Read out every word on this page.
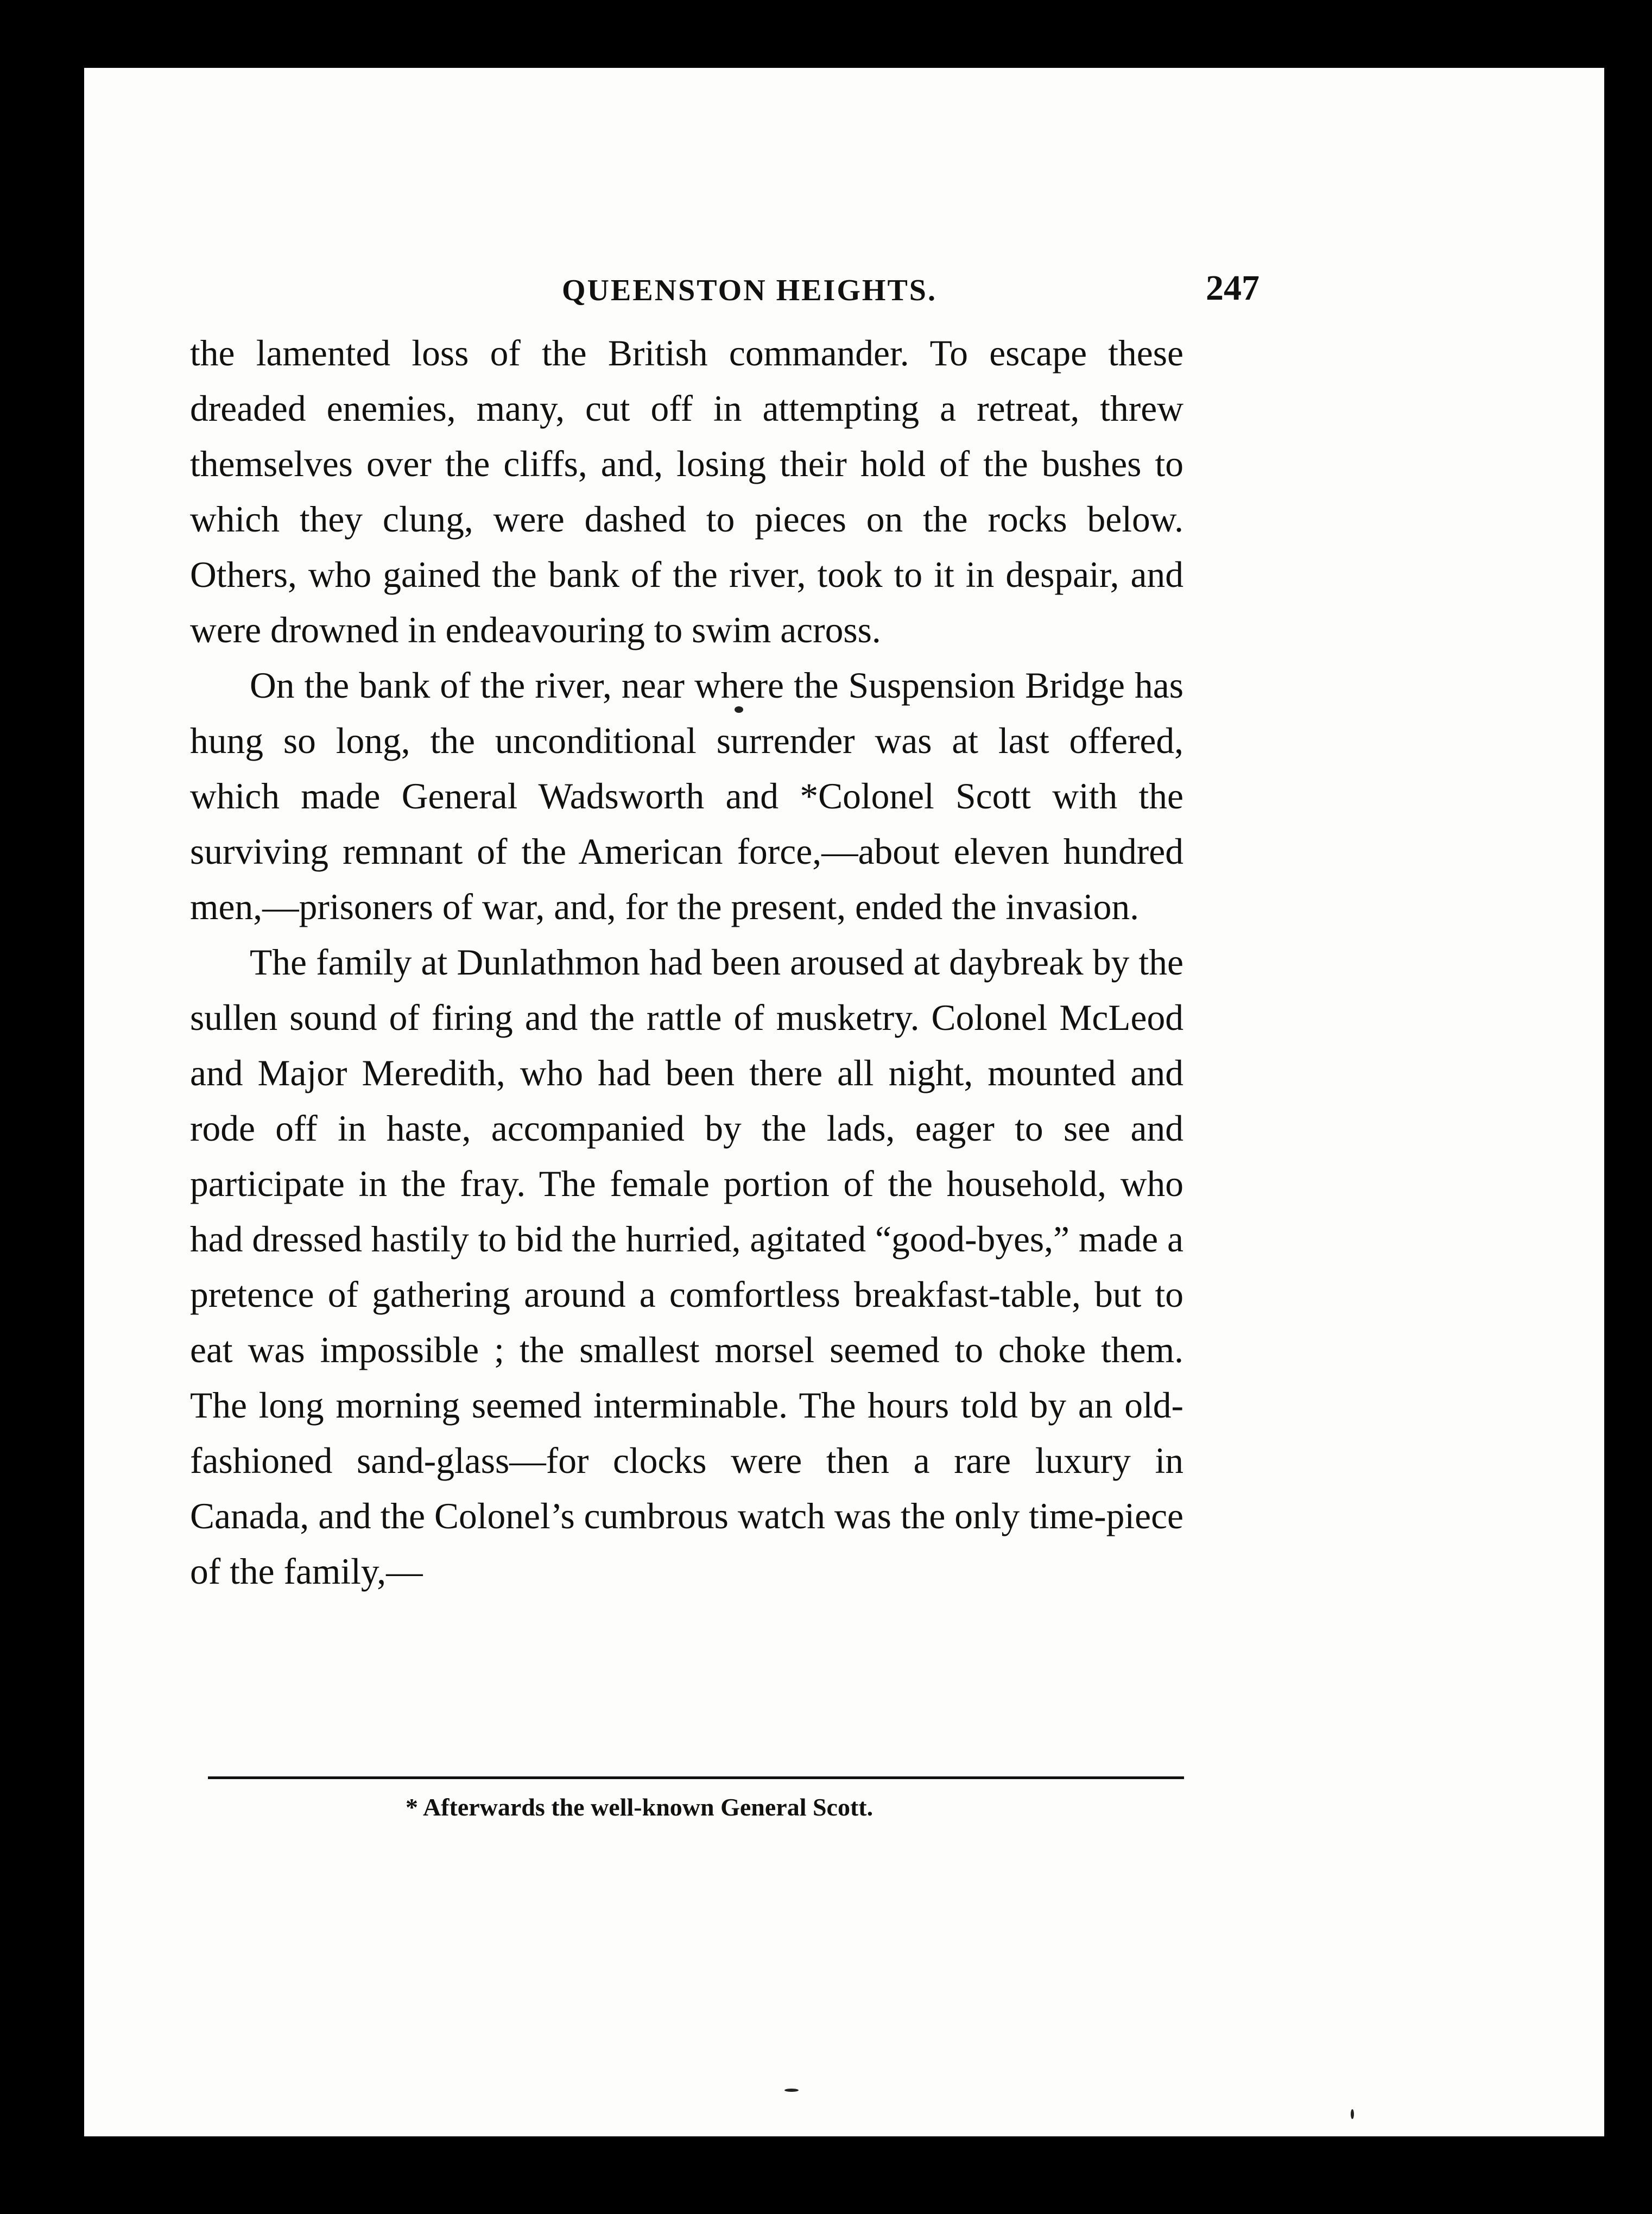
QUEENSTON HEIGHTS.	247

the lamented loss of the British commander. To escape these dreaded enemies, many, cut off in attempting a retreat, threw themselves over the cliffs, and, losing their hold of the bushes to which they clung, were dashed to pieces on the rocks below. Others, who gained the bank of the river, took to it in despair, and were drowned in endeavouring to swim across.

On the bank of the river, near where the Suspension Bridge has hung so long, the unconditional surrender was at last offered, which made General Wadsworth and *Colonel Scott with the surviving remnant of the American force,—about eleven hundred men,—prisoners of war, and, for the present, ended the invasion.

The family at Dunlathmon had been aroused at daybreak by the sullen sound of firing and the rattle of musketry. Colonel McLeod and Major Meredith, who had been there all night, mounted and rode off in haste, accompanied by the lads, eager to see and participate in the fray. The female portion of the household, who had dressed hastily to bid the hurried, agitated “good-byes,” made a pretence of gathering around a comfortless breakfast-table, but to eat was impossible ; the smallest morsel seemed to choke them. The long morning seemed interminable. The hours told by an old-fashioned sand-glass—for clocks were then a rare luxury in Canada, and the Colonel’s cumbrous watch was the only time-piece of the family,—

* Afterwards the well-known General Scott.
